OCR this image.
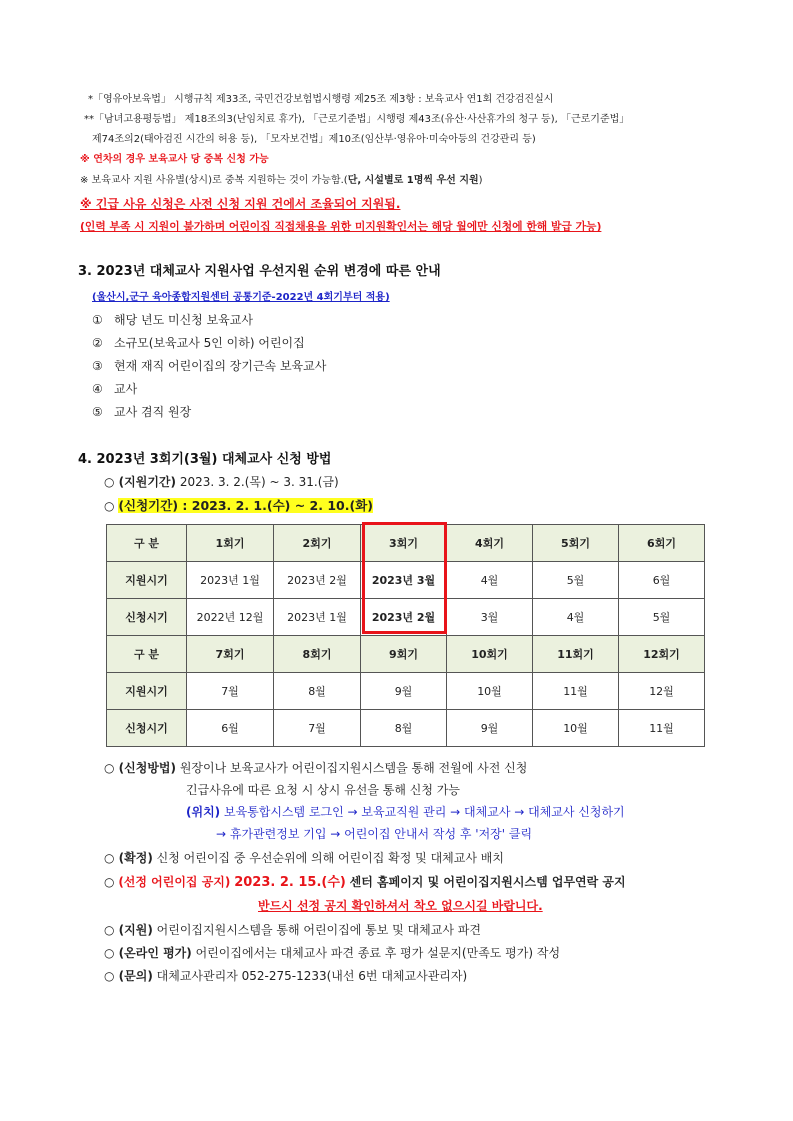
*「영유아보육법」 시행규칙 제33조, 국민건강보험법시행령 제25조 제3항 : 보육교사 연1회 건강검진실시
**「남녀고용평등법」 제18조의3(난임치료 휴가), 「근로기준법」시행령 제43조(유산·사산휴가의 청구 등), 「근로기준법」
제74조의2(태아검진 시간의 허용 등), 「모자보건법」제10조(임산부·영유아·미숙아등의 건강관리 등)
※ 연차의 경우 보육교사 당 중복 신청 가능
※ 보육교사 지원 사유별(상시)로 중복 지원하는 것이 가능함.(단, 시설별로 1명씩 우선 지원)
※ 긴급 사유 신청은 사전 신청 지원 건에서 조율되어 지원됨.
(인력 부족 시 지원이 불가하며 어린이집 직접채용을 위한 미지원확인서는 해당 월에만 신청에 한해 발급 가능)
3. 2023년 대체교사 지원사업 우선지원 순위 변경에 따른 안내
(울산시,군구 육아종합지원센터 공통기준-2022년 4회기부터 적용)
① 해당 년도 미신청 보육교사
② 소규모(보육교사 5인 이하) 어린이집
③ 현재 재직 어린이집의 장기근속 보육교사
④ 교사
⑤ 교사 겸직 원장
4. 2023년 3회기(3월) 대체교사 신청 방법
○ (지원기간) 2023. 3. 2.(목) ~ 3. 31.(금)
○ (신청기간) : 2023. 2. 1.(수) ~ 2. 10.(화)
구 분	1회기	2회기	3회기	4회기	5회기	6회기
지원시기	2023년 1월	2023년 2월	2023년 3월	4월	5월	6월
신청시기	2022년 12월	2023년 1월	2023년 2월	3월	4월	5월
구 분	7회기	8회기	9회기	10회기	11회기	12회기
지원시기	7월	8월	9월	10월	11월	12월
신청시기	6월	7월	8월	9월	10월	11월
○ (신청방법) 원장이나 보육교사가 어린이집지원시스템을 통해 전월에 사전 신청
긴급사유에 따른 요청 시 상시 유선을 통해 신청 가능
(위치) 보육통합시스템 로그인 → 보육교직원 관리 → 대체교사 → 대체교사 신청하기
→ 휴가관련정보 기입 → 어린이집 안내서 작성 후 '저장' 클릭
○ (확정) 신청 어린이집 중 우선순위에 의해 어린이집 확정 및 대체교사 배치
○ (선정 어린이집 공지) 2023. 2. 15.(수) 센터 홈페이지 및 어린이집지원시스템 업무연락 공지
반드시 선정 공지 확인하셔서 착오 없으시길 바랍니다.
○ (지원) 어린이집지원시스템을 통해 어린이집에 통보 및 대체교사 파견
○ (온라인 평가) 어린이집에서는 대체교사 파견 종료 후 평가 설문지(만족도 평가) 작성
○ (문의) 대체교사관리자 052-275-1233(내선 6번 대체교사관리자)
